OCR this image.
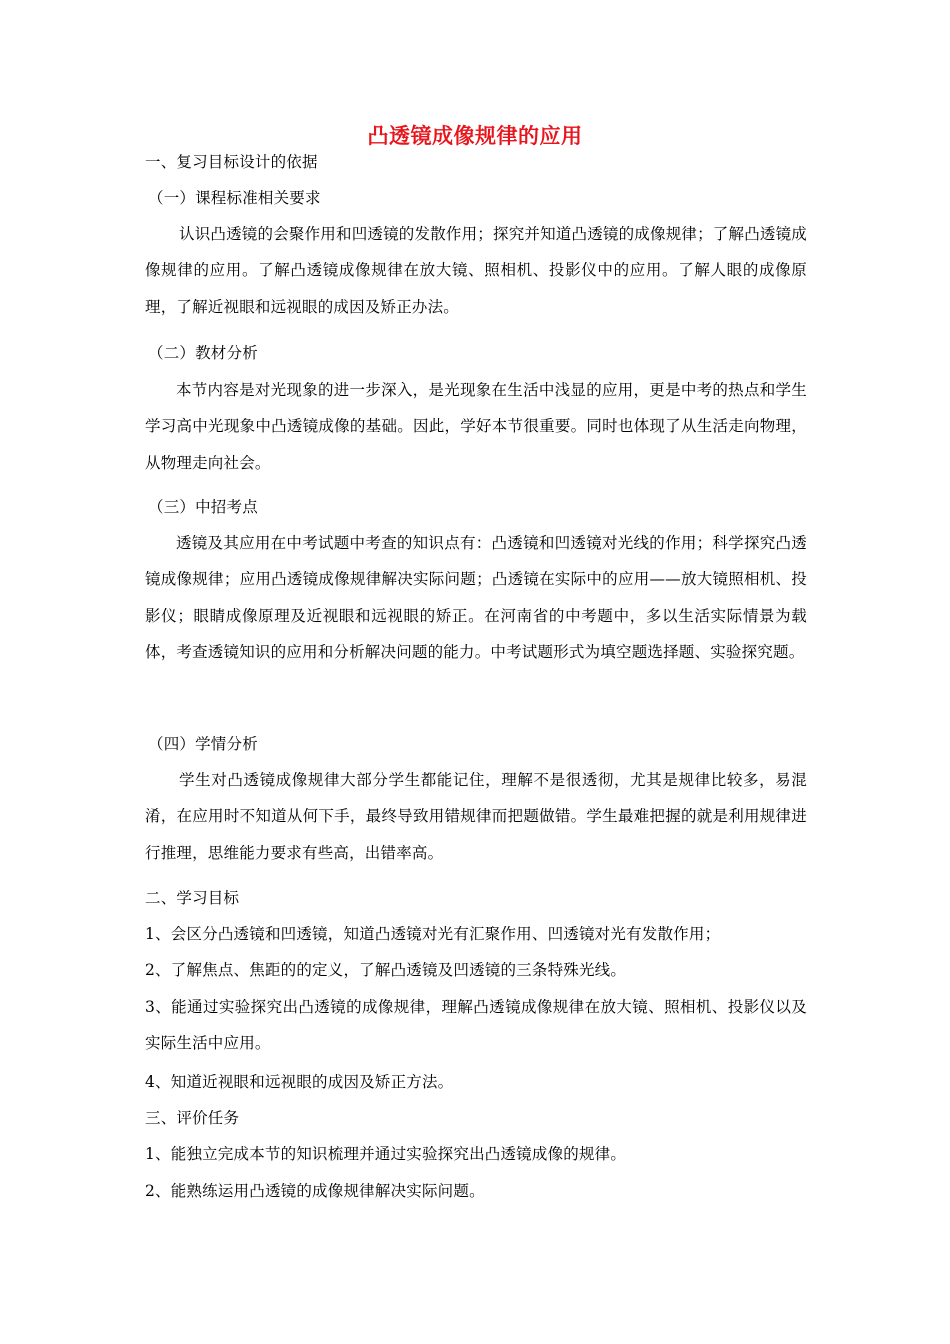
凸透镜成像规律的应用
一、复习目标设计的依据
（一）课程标准相关要求
认识凸透镜的会聚作用和凹透镜的发散作用；探究并知道凸透镜的成像规律；了解凸透镜成像规律的应用。了解凸透镜成像规律在放大镜、照相机、投影仪中的应用。了解人眼的成像原理，了解近视眼和远视眼的成因及矫正办法。
（二）教材分析
本节内容是对光现象的进一步深入，是光现象在生活中浅显的应用，更是中考的热点和学生学习高中光现象中凸透镜成像的基础。因此，学好本节很重要。同时也体现了从生活走向物理，从物理走向社会。
（三）中招考点
透镜及其应用在中考试题中考查的知识点有：凸透镜和凹透镜对光线的作用；科学探究凸透镜成像规律；应用凸透镜成像规律解决实际问题；凸透镜在实际中的应用——放大镜照相机、投影仪；眼睛成像原理及近视眼和远视眼的矫正。在河南省的中考题中，多以生活实际情景为载体，考查透镜知识的应用和分析解决问题的能力。中考试题形式为填空题选择题、实验探究题。
（四）学情分析
学生对凸透镜成像规律大部分学生都能记住，理解不是很透彻，尤其是规律比较多，易混淆，在应用时不知道从何下手，最终导致用错规律而把题做错。学生最难把握的就是利用规律进行推理，思维能力要求有些高，出错率高。
二、学习目标
1、会区分凸透镜和凹透镜，知道凸透镜对光有汇聚作用、凹透镜对光有发散作用；
2、了解焦点、焦距的的定义，了解凸透镜及凹透镜的三条特殊光线。
3、能通过实验探究出凸透镜的成像规律，理解凸透镜成像规律在放大镜、照相机、投影仪以及实际生活中应用。
4、知道近视眼和远视眼的成因及矫正方法。
三、评价任务
1、能独立完成本节的知识梳理并通过实验探究出凸透镜成像的规律。
2、能熟练运用凸透镜的成像规律解决实际问题。
